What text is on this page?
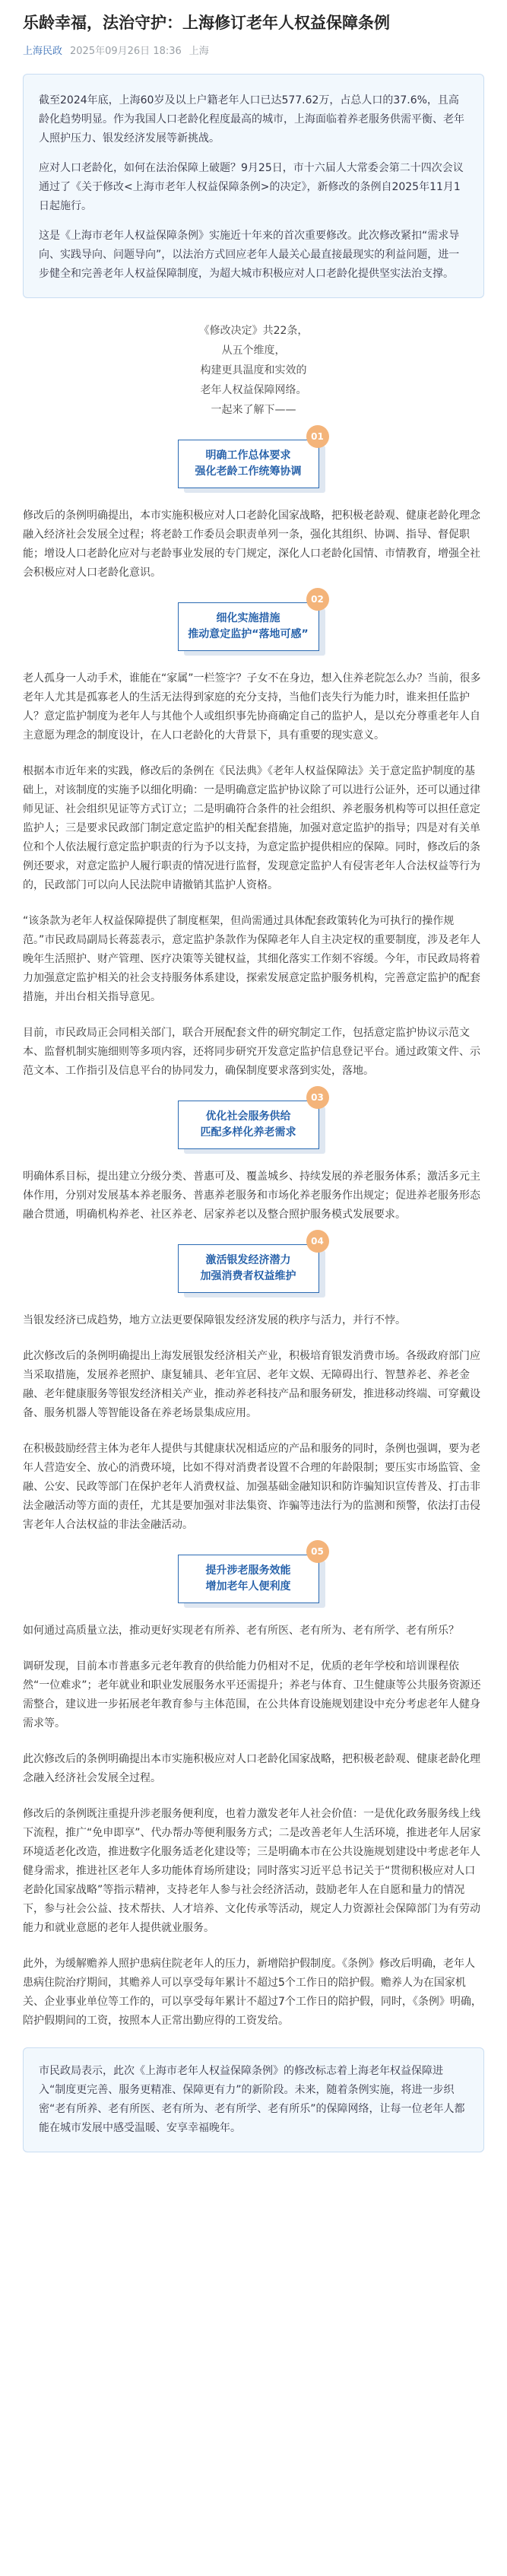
乐龄幸福，法治守护：上海修订老年人权益保障条例
上海民政 2025年09月26日 18:36 上海

截至2024年底，上海60岁及以上户籍老年人口已达577.62万，占总人口的37.6%，且高龄化趋势明显。作为我国人口老龄化程度最高的城市，上海面临着养老服务供需平衡、老年人照护压力、银发经济发展等新挑战。

应对人口老龄化，如何在法治保障上破题？9月25日，市十六届人大常委会第二十四次会议通过了《关于修改<上海市老年人权益保障条例>的决定》，新修改的条例自2025年11月1日起施行。

这是《上海市老年人权益保障条例》实施近十年来的首次重要修改。此次修改紧扣“需求导向、实践导向、问题导向”，以法治方式回应老年人最关心最直接最现实的利益问题，进一步健全和完善老年人权益保障制度，为超大城市积极应对人口老龄化提供坚实法治支撑。

《修改决定》共22条，
从五个维度，
构建更具温度和实效的
老年人权益保障网络。
一起来了解下——
明确工作总体要求
强化老龄工作统筹协调
01

修改后的条例明确提出，本市实施积极应对人口老龄化国家战略，把积极老龄观、健康老龄化理念融入经济社会发展全过程；将老龄工作委员会职责单列一条，强化其组织、协调、指导、督促职能；增设人口老龄化应对与老龄事业发展的专门规定，深化人口老龄化国情、市情教育，增强全社会积极应对人口老龄化意识。

细化实施措施
推动意定监护“落地可感”
02

老人孤身一人动手术，谁能在“家属”一栏签字？子女不在身边，想入住养老院怎么办？当前，很多老年人尤其是孤寡老人的生活无法得到家庭的充分支持，当他们丧失行为能力时，谁来担任监护人？意定监护制度为老年人与其他个人或组织事先协商确定自己的监护人，是以充分尊重老年人自主意愿为理念的制度设计，在人口老龄化的大背景下，具有重要的现实意义。

根据本市近年来的实践，修改后的条例在《民法典》《老年人权益保障法》关于意定监护制度的基础上，对该制度的实施予以细化明确：一是明确意定监护协议除了可以进行公证外，还可以通过律师见证、社会组织见证等方式订立；二是明确符合条件的社会组织、养老服务机构等可以担任意定监护人；三是要求民政部门制定意定监护的相关配套措施，加强对意定监护的指导；四是对有关单位和个人依法履行意定监护职责的行为予以支持，为意定监护提供相应的保障。同时，修改后的条例还要求，对意定监护人履行职责的情况进行监督，发现意定监护人有侵害老年人合法权益等行为的，民政部门可以向人民法院申请撤销其监护人资格。

“该条款为老年人权益保障提供了制度框架，但尚需通过具体配套政策转化为可执行的操作规范。”市民政局副局长蒋蕊表示，意定监护条款作为保障老年人自主决定权的重要制度，涉及老年人晚年生活照护、财产管理、医疗决策等关键权益，其细化落实工作刻不容缓。今年，市民政局将着力加强意定监护相关的社会支持服务体系建设，探索发展意定监护服务机构，完善意定监护的配套措施，并出台相关指导意见。

目前，市民政局正会同相关部门，联合开展配套文件的研究制定工作，包括意定监护协议示范文本、监督机制实施细则等多项内容，还将同步研究开发意定监护信息登记平台。通过政策文件、示范文本、工作指引及信息平台的协同发力，确保制度要求落到实处，落地。

优化社会服务供给
匹配多样化养老需求
03

明确体系目标，提出建立分级分类、普惠可及、覆盖城乡、持续发展的养老服务体系；激活多元主体作用，分别对发展基本养老服务、普惠养老服务和市场化养老服务作出规定；促进养老服务形态融合贯通，明确机构养老、社区养老、居家养老以及整合照护服务模式发展要求。

激活银发经济潜力
加强消费者权益维护
04

当银发经济已成趋势，地方立法更要保障银发经济发展的秩序与活力，并行不悖。

此次修改后的条例明确提出上海发展银发经济相关产业，积极培育银发消费市场。各级政府部门应当采取措施，发展养老照护、康复辅具、老年宜居、老年文娱、无障碍出行、智慧养老、养老金融、老年健康服务等银发经济相关产业，推动养老科技产品和服务研发，推进移动终端、可穿戴设备、服务机器人等智能设备在养老场景集成应用。

在积极鼓励经营主体为老年人提供与其健康状况相适应的产品和服务的同时，条例也强调，要为老年人营造安全、放心的消费环境，比如不得对消费者设置不合理的年龄限制；要压实市场监管、金融、公安、民政等部门在保护老年人消费权益、加强基础金融知识和防诈骗知识宣传普及、打击非法金融活动等方面的责任，尤其是要加强对非法集资、诈骗等违法行为的监测和预警，依法打击侵害老年人合法权益的非法金融活动。

提升涉老服务效能
增加老年人便利度
05

如何通过高质量立法，推动更好实现老有所养、老有所医、老有所为、老有所学、老有所乐？

调研发现，目前本市普惠多元老年教育的供给能力仍相对不足，优质的老年学校和培训课程依然“一位难求”；老年就业和职业发展服务水平还需提升；养老与体育、卫生健康等公共服务资源还需整合，建议进一步拓展老年教育参与主体范围，在公共体育设施规划建设中充分考虑老年人健身需求等。

此次修改后的条例明确提出本市实施积极应对人口老龄化国家战略，把积极老龄观、健康老龄化理念融入经济社会发展全过程。

修改后的条例既注重提升涉老服务便利度，也着力激发老年人社会价值：一是优化政务服务线上线下流程，推广“免申即享”、代办帮办等便利服务方式；二是改善老年人生活环境，推进老年人居家环境适老化改造，推进数字化服务适老化建设等；三是明确本市在公共设施规划建设中考虑老年人健身需求，推进社区老年人多功能体育场所建设；同时落实习近平总书记关于“贯彻积极应对人口老龄化国家战略”等指示精神，支持老年人参与社会经济活动，鼓励老年人在自愿和量力的情况下，参与社会公益、技术帮扶、人才培养、文化传承等活动，规定人力资源社会保障部门为有劳动能力和就业意愿的老年人提供就业服务。

此外，为缓解赡养人照护患病住院老年人的压力，新增陪护假制度。《条例》修改后明确，老年人患病住院治疗期间，其赡养人可以享受每年累计不超过5个工作日的陪护假。赡养人为在国家机关、企业事业单位等工作的，可以享受每年累计不超过7个工作日的陪护假，同时，《条例》明确，陪护假期间的工资，按照本人正常出勤应得的工资发给。

市民政局表示，此次《上海市老年人权益保障条例》的修改标志着上海老年权益保障进入“制度更完善、服务更精准、保障更有力”的新阶段。未来，随着条例实施，将进一步织密“老有所养、老有所医、老有所为、老有所学、老有所乐”的保障网络，让每一位老年人都能在城市发展中感受温暖、安享幸福晚年。
